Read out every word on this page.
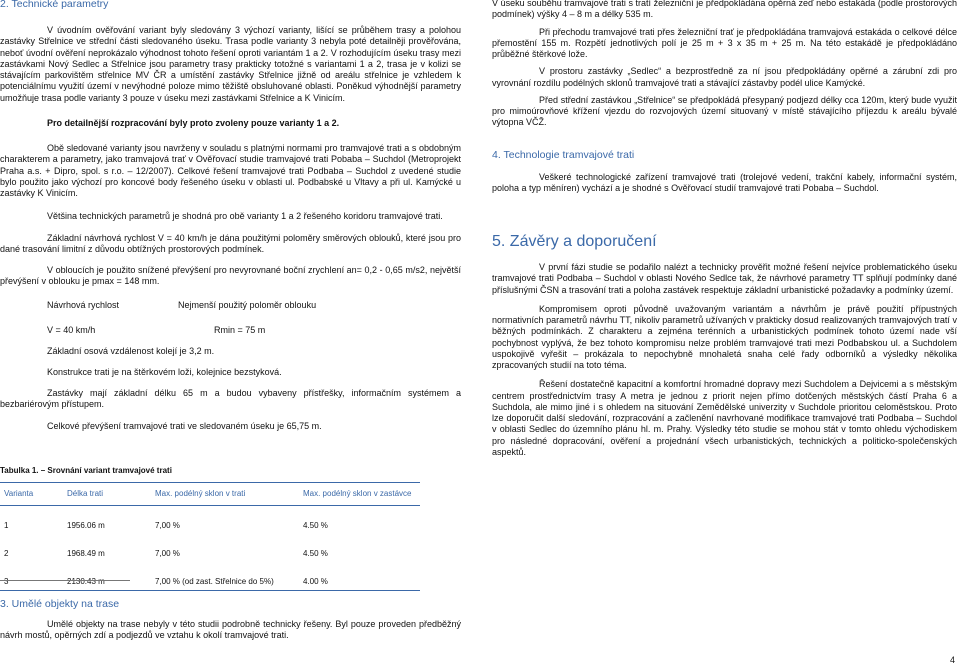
2. Technické parametry

V úvodním ověřování variant byly sledovány 3 výchozí varianty, lišící se průběhem trasy a polohou zastávky Střelnice ve střední části sledovaného úseku. Trasa podle varianty 3 nebyla poté detailněji prověřována, neboť úvodní ověření neprokázalo výhodnost tohoto řešení oproti variantám 1 a 2. V rozhodujícím úseku trasy mezi zastávkami Nový Sedlec a Střelnice jsou parametry trasy prakticky totožné s variantami 1 a 2, trasa je v kolizi se stávajícím parkovištěm střelnice MV ČR a umístění zastávky Střelnice jižně od areálu střelnice je vzhledem k potenciálnímu využití území v nevýhodné poloze mimo těžiště obsluhované oblasti. Poněkud výhodnější parametry umožňuje trasa podle varianty 3 pouze v úseku mezi zastávkami Střelnice a K Vinicím.

Pro detailnější rozpracování byly proto zvoleny pouze varianty 1 a 2.

Obě sledované varianty jsou navrženy v souladu s platnými normami pro tramvajové trati a s obdobným charakterem a parametry, jako tramvajová trať v Ověřovací studie tramvajové trati Pobaba – Suchdol (Metroprojekt Praha a.s. + Dipro, spol. s r.o. – 12/2007). Celkové řešení tramvajové trati Podbaba – Suchdol z uvedené studie bylo použito jako výchozí pro koncové body řešeného úseku v oblasti ul. Podbabské u Vltavy a při ul. Kamýcké u zastávky K Vinicím.

Většina technických parametrů je shodná pro obě varianty 1 a 2 řešeného koridoru tramvajové trati.

Základní návrhová rychlost V = 40 km/h je dána použitými poloměry směrových oblouků, které jsou pro dané trasování limitní z důvodu obtížných prostorových podmínek.

V obloucích je použito snížené převýšení pro nevyrovnané boční zrychlení an= 0,2 - 0,65 m/s2, největší převýšení v oblouku je pmax = 148 mm.

Návrhová rychlost	Nejmenší použitý poloměr oblouku
V = 40 km/h	Rmin = 75 m

Základní osová vzdálenost kolejí je 3,2 m.

Konstrukce trati je na štěrkovém loži, kolejnice bezstyková.

Zastávky mají základní délku 65 m a budou vybaveny přístřešky, informačním systémem a bezbariérovým přístupem.

Celkové převýšení tramvajové trati ve sledovaném úseku je 65,75 m.

Tabulka 1. – Srovnání variant tramvajové trati
Varianta	Délka trati	Max. podélný sklon v trati	Max. podélný sklon v zastávce

1	1956.06 m	7,00 %	4.50 %

2	1968.49 m	7,00 %	4.50 %

3	2130.43 m	7,00 % (od zast. Střelnice do 5%)	4.00 %
3. Umělé objekty na trase

Umělé objekty na trase nebyly v této studii podrobně technicky řešeny. Byl pouze proveden předběžný návrh mostů, opěrných zdí a podjezdů ve vztahu k okolí tramvajové trati.

V úseku souběhu tramvajové trati s tratí železniční je předpokládána opěrná zeď nebo estakáda (podle prostorových podmínek) výšky 4 – 8 m a délky 535 m.

Při přechodu tramvajové trati přes železniční trať je předpokládána tramvajová estakáda o celkové délce přemostění 155 m. Rozpětí jednotlivých polí je 25 m + 3 x 35 m + 25 m. Na této estakádě je předpokládáno průběžné štěrkové lože.

V prostoru zastávky „Sedlec“ a bezprostředně za ní jsou předpokládány opěrné a zárubní zdi pro vyrovnání rozdílu podélných sklonů tramvajové trati a stávající zástavby podél ulice Kamýcké.

Před střední zastávkou „Střelnice“ se předpokládá přesypaný podjezd délky cca 120m, který bude využit pro mimoúrovňové křížení vjezdu do rozvojových území situovaný v místě stávajícího příjezdu k areálu bývalé výtopna VČŽ.

4. Technologie tramvajové trati

Veškeré technologické zařízení tramvajové trati (trolejové vedení, trakční kabely, informační systém, poloha a typ měníren) vychází a je shodné s Ověřovací studií tramvajové trati Pobaba – Suchdol.

5. Závěry a doporučení

V první fázi studie se podařilo nalézt a technicky prověřit možné řešení nejvíce problematického úseku tramvajové trati Podbaba – Suchdol v oblasti Nového Sedlce tak, že návrhové parametry TT splňují podmínky dané příslušnými ČSN a trasování trati a poloha zastávek respektuje základní urbanistické požadavky a podmínky území.

Kompromisem oproti původně uvažovaným variantám a návrhům je právě použití přípustných normativních parametrů návrhu TT, nikoliv parametrů užívaných v prakticky dosud realizovaných tramvajových tratí v běžných podmínkách. Z charakteru a zejména terénních a urbanistických podmínek tohoto území nade vší pochybnost vyplývá, že bez tohoto kompromisu nelze problém tramvajové trati mezi Podbabskou ul. a Suchdolem uspokojivě vyřešit – prokázala to nepochybně mnohaletá snaha celé řady odborníků a výsledky několika zpracovaných studií na toto téma.

Řešení dostatečně kapacitní a komfortní hromadné dopravy mezi Suchdolem a Dejvicemi a s městským centrem prostřednictvím trasy A metra je jednou z priorit nejen přímo dotčených městských částí Praha 6 a Suchdola, ale mimo jiné i s ohledem na situování Zemědělské univerzity v Suchdole prioritou celoměstskou. Proto lze doporučit další sledování, rozpracování a začlenění navrhované modifikace tramvajové trati Podbaba – Suchdol v oblasti Sedlec do územního plánu hl. m. Prahy. Výsledky této studie se mohou stát v tomto ohledu východiskem pro následné dopracování, ověření a projednání všech urbanistických, technických a politicko-společenských aspektů.

4
